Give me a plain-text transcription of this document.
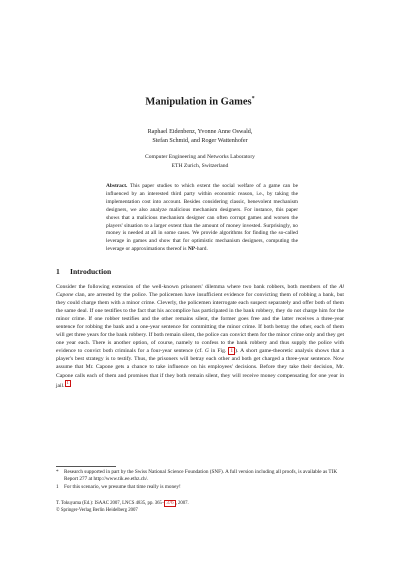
Manipulation in Games*
Raphael Eidenbenz, Yvonne Anne Oswald,
Stefan Schmid, and Roger Wattenhofer
Computer Engineering and Networks Laboratory
ETH Zurich, Switzerland
Abstract. This paper studies to which extent the social welfare of a game can be influenced by an interested third party within economic reason, i.e., by taking the implementation cost into account. Besides considering classic, benevolent mechanism designers, we also analyze malicious mechanism designers. For instance, this paper shows that a malicious mechanism designer can often corrupt games and worsen the players' situation to a larger extent than the amount of money invested. Surprisingly, no money is needed at all in some cases. We provide algorithms for finding the so-called leverage in games and show that for optimistic mechanism designers, computing the leverage or approximations thereof is NP-hard.
1 Introduction

Consider the following extension of the well-known prisoners' dilemma where two bank robbers, both members of the Al Capone clan, are arrested by the police. The policemen have insufficient evidence for convicting them of robbing a bank, but they could charge them with a minor crime. Cleverly, the policemen interrogate each suspect separately and offer both of them the same deal. If one testifies to the fact that his accomplice has participated in the bank robbery, they do not charge him for the minor crime. If one robber testifies and the other remains silent, the former goes free and the latter receives a three-year sentence for robbing the bank and a one-year sentence for committing the minor crime. If both betray the other, each of them will get three years for the bank robbery. If both remain silent, the police can convict them for the minor crime only and they get one year each. There is another option, of course, namely to confess to the bank robbery and thus supply the police with evidence to convict both criminals for a four-year sentence (cf. G in Fig. 1 ). A short game-theoretic analysis shows that a player's best strategy is to testify. Thus, the prisoners will betray each other and both get charged a three-year sentence. Now assume that Mr. Capone gets a chance to take influence on his employees' decisions. Before they take their decision, Mr. Capone calls each of them and promises that if they both remain silent, they will receive money compensating for one year in jail. $^1$

* Research supported in part by the Swiss National Science Foundation (SNF). A full version including all proofs, is available as TIK Report 277 at http://www.tik.ee.ethz.ch/.
1 For this scenario, we presume that time really is money!
T. Tokuyama (Ed.): ISAAC 2007, LNCS 4835, pp. 365– 376 , 2007.
© Springer-Verlag Berlin Heidelberg 2007
